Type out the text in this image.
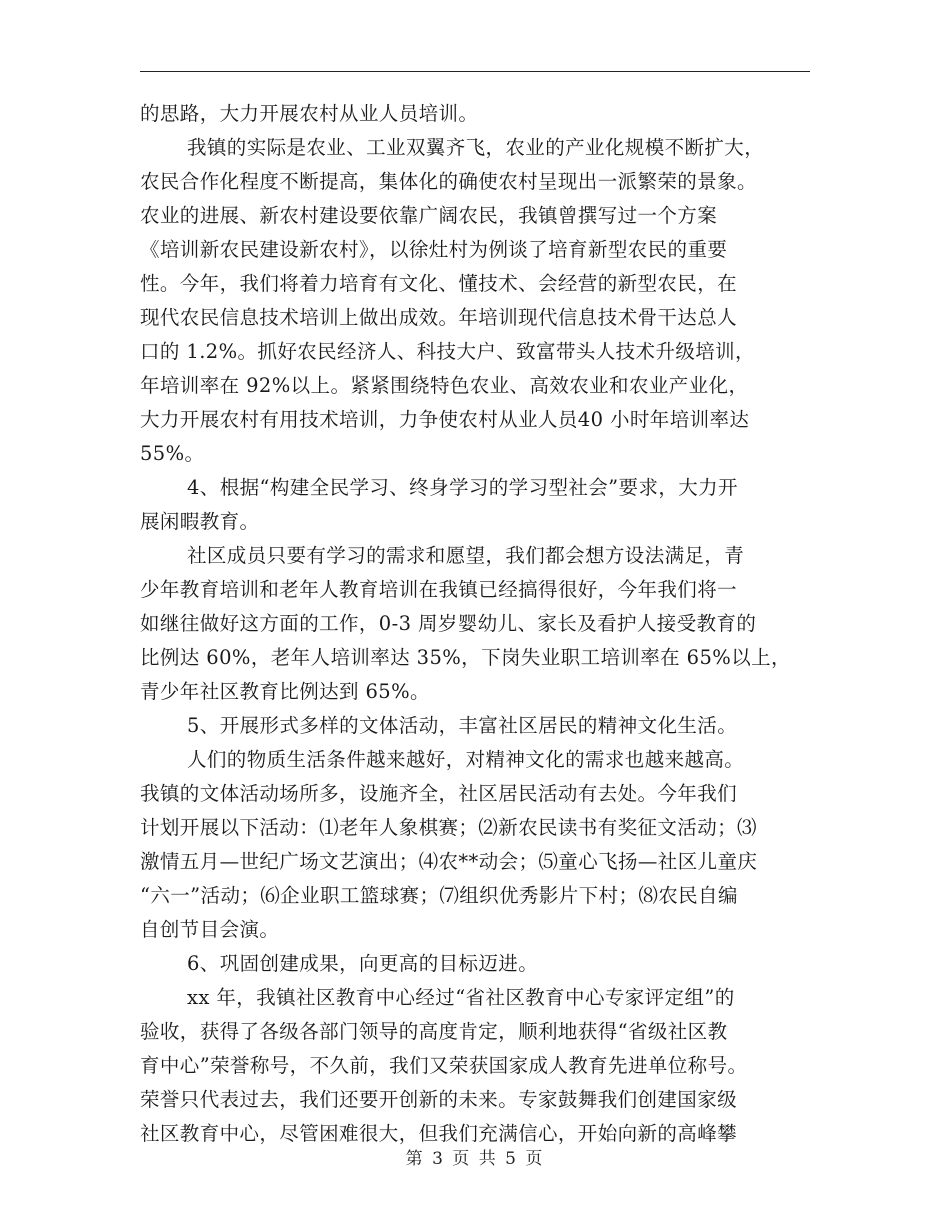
的思路，大力开展农村从业人员培训。
我镇的实际是农业、工业双翼齐飞，农业的产业化规模不断扩大，
农民合作化程度不断提高，集体化的确使农村呈现出一派繁荣的景象。
农业的进展、新农村建设要依靠广阔农民，我镇曾撰写过一个方案
《培训新农民建设新农村》，以徐灶村为例谈了培育新型农民的重要
性。今年，我们将着力培育有文化、懂技术、会经营的新型农民，在
现代农民信息技术培训上做出成效。年培训现代信息技术骨干达总人
口的 1.2%。抓好农民经济人、科技大户、致富带头人技术升级培训，
年培训率在 92%以上。紧紧围绕特色农业、高效农业和农业产业化，
大力开展农村有用技术培训，力争使农村从业人员40 小时年培训率达
55%。
4、根据“构建全民学习、终身学习的学习型社会”要求，大力开
展闲暇教育。
社区成员只要有学习的需求和愿望，我们都会想方设法满足，青
少年教育培训和老年人教育培训在我镇已经搞得很好，今年我们将一
如继往做好这方面的工作，0-3 周岁婴幼儿、家长及看护人接受教育的
比例达 60%，老年人培训率达 35%，下岗失业职工培训率在 65%以上，
青少年社区教育比例达到 65%。
5、开展形式多样的文体活动，丰富社区居民的精神文化生活。
人们的物质生活条件越来越好，对精神文化的需求也越来越高。
我镇的文体活动场所多，设施齐全，社区居民活动有去处。今年我们
计划开展以下活动：⑴老年人象棋赛；⑵新农民读书有奖征文活动；⑶
激情五月—世纪广场文艺演出；⑷农**动会；⑸童心飞扬—社区儿童庆
“六一”活动；⑹企业职工篮球赛；⑺组织优秀影片下村；⑻农民自编
自创节目会演。
6、巩固创建成果，向更高的目标迈进。
xx 年，我镇社区教育中心经过“省社区教育中心专家评定组”的
验收，获得了各级各部门领导的高度肯定，顺利地获得“省级社区教
育中心”荣誉称号，不久前，我们又荣获国家成人教育先进单位称号。
荣誉只代表过去，我们还要开创新的未来。专家鼓舞我们创建国家级
社区教育中心，尽管困难很大，但我们充满信心，开始向新的高峰攀
第 3 页 共 5 页
